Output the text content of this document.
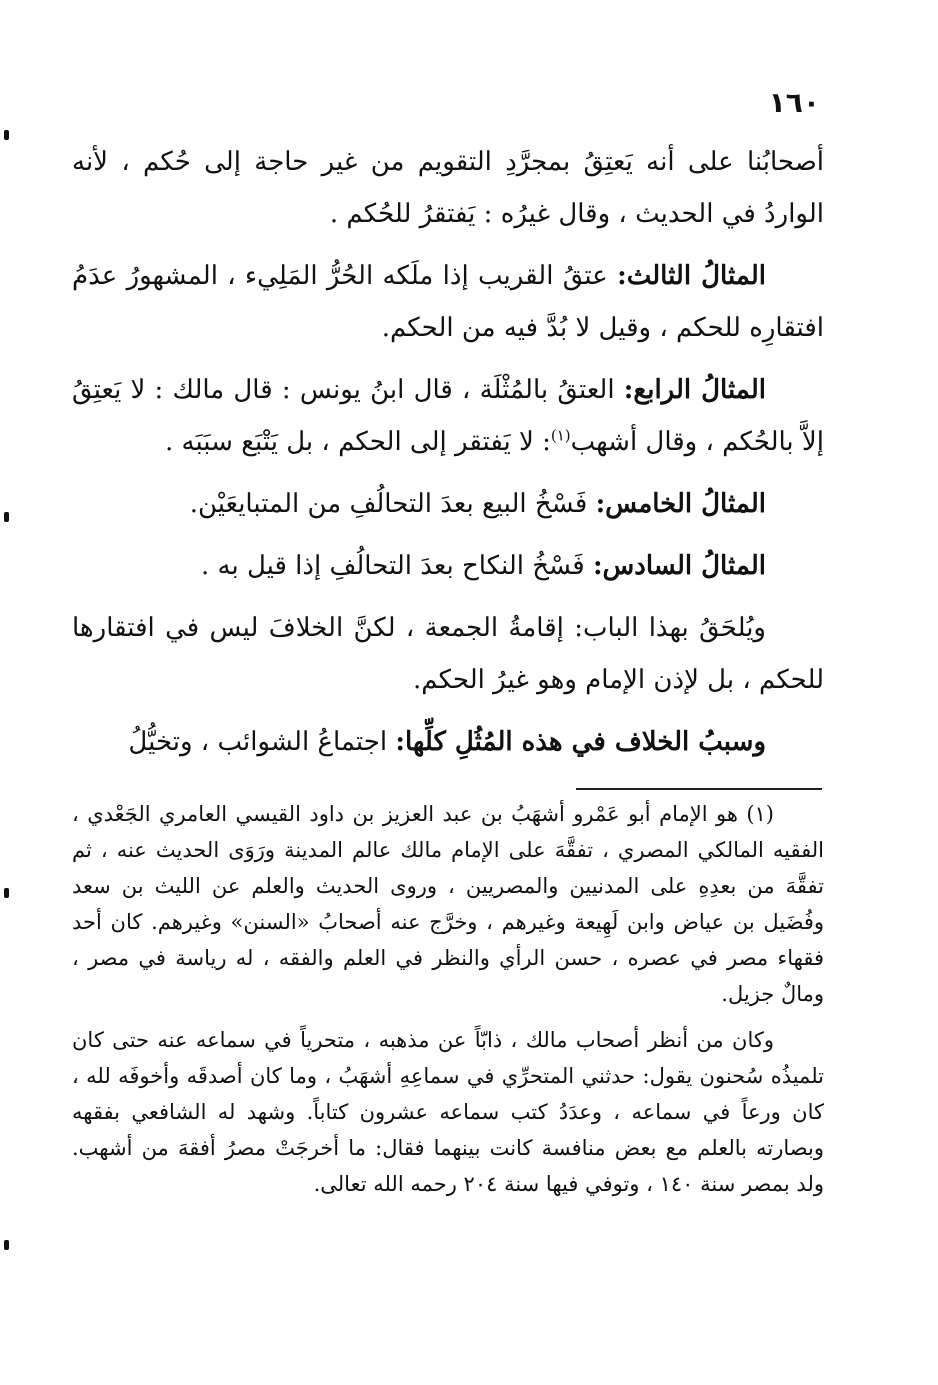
١٦٠

أصحابُنا على أنه يَعتِقُ بمجرَّدِ التقويم من غير حاجة إلى حُكم ، لأنه الواردُ في الحديث ، وقال غيرُه : يَفتقرُ للحُكم .

المثالُ الثالث: عتقُ القريب إذا ملَكه الحُرُّ المَلِيء ، المشهورُ عدَمُ افتقارِه للحكم ، وقيل لا بُدَّ فيه من الحكم.

المثالُ الرابع: العتقُ بالمُثْلَة ، قال ابنُ يونس : قال مالك : لا يَعتِقُ إلاَّ بالحُكم ، وقال أشهب$^{(١)}$: لا يَفتقر إلى الحكم ، بل يَتْبَع سبَبَه .

المثالُ الخامس: فَسْخُ البيع بعدَ التحالُفِ من المتبايعَيْن.

المثالُ السادس: فَسْخُ النكاح بعدَ التحالُفِ إذا قيل به .

ويُلحَقُ بهذا الباب: إقامةُ الجمعة ، لكنَّ الخلافَ ليس في افتقارها للحكم ، بل لإذن الإمام وهو غيرُ الحكم.

وسببُ الخلاف في هذه المُثُلِ كلِّها: اجتماعُ الشوائب ، وتخيُّلُ

(١) هو الإمام أبو عَمْرو أشهَبُ بن عبد العزيز بن داود القيسي العامري الجَعْدي ، الفقيه المالكي المصري ، تفقَّهَ على الإمام مالك عالم المدينة ورَوَى الحديث عنه ، ثم تفقَّهَ من بعدِهِ على المدنيين والمصريين ، وروى الحديث والعلم عن الليث بن سعد وفُضَيل بن عياض وابن لَهِيعة وغيرهم ، وخرَّج عنه أصحابُ «السنن» وغيرهم. كان أحد فقهاء مصر في عصره ، حسن الرأي والنظر في العلم والفقه ، له رياسة في مصر ، ومالٌ جزيل.

وكان من أنظر أصحاب مالك ، ذابّاً عن مذهبه ، متحرياً في سماعه عنه حتى كان تلميذُه سُحنون يقول: حدثني المتحرِّي في سماعِهِ أشهَبُ ، وما كان أصدقَه وأخوفَه لله ، كان ورعاً في سماعه ، وعدَدُ كتب سماعه عشرون كتاباً. وشهد له الشافعي بفقهه وبصارته بالعلم مع بعض منافسة كانت بينهما فقال: ما أخرجَتْ مصرُ أفقهَ من أشهب. ولد بمصر سنة ١٤٠ ، وتوفي فيها سنة ٢٠٤ رحمه الله تعالى.
